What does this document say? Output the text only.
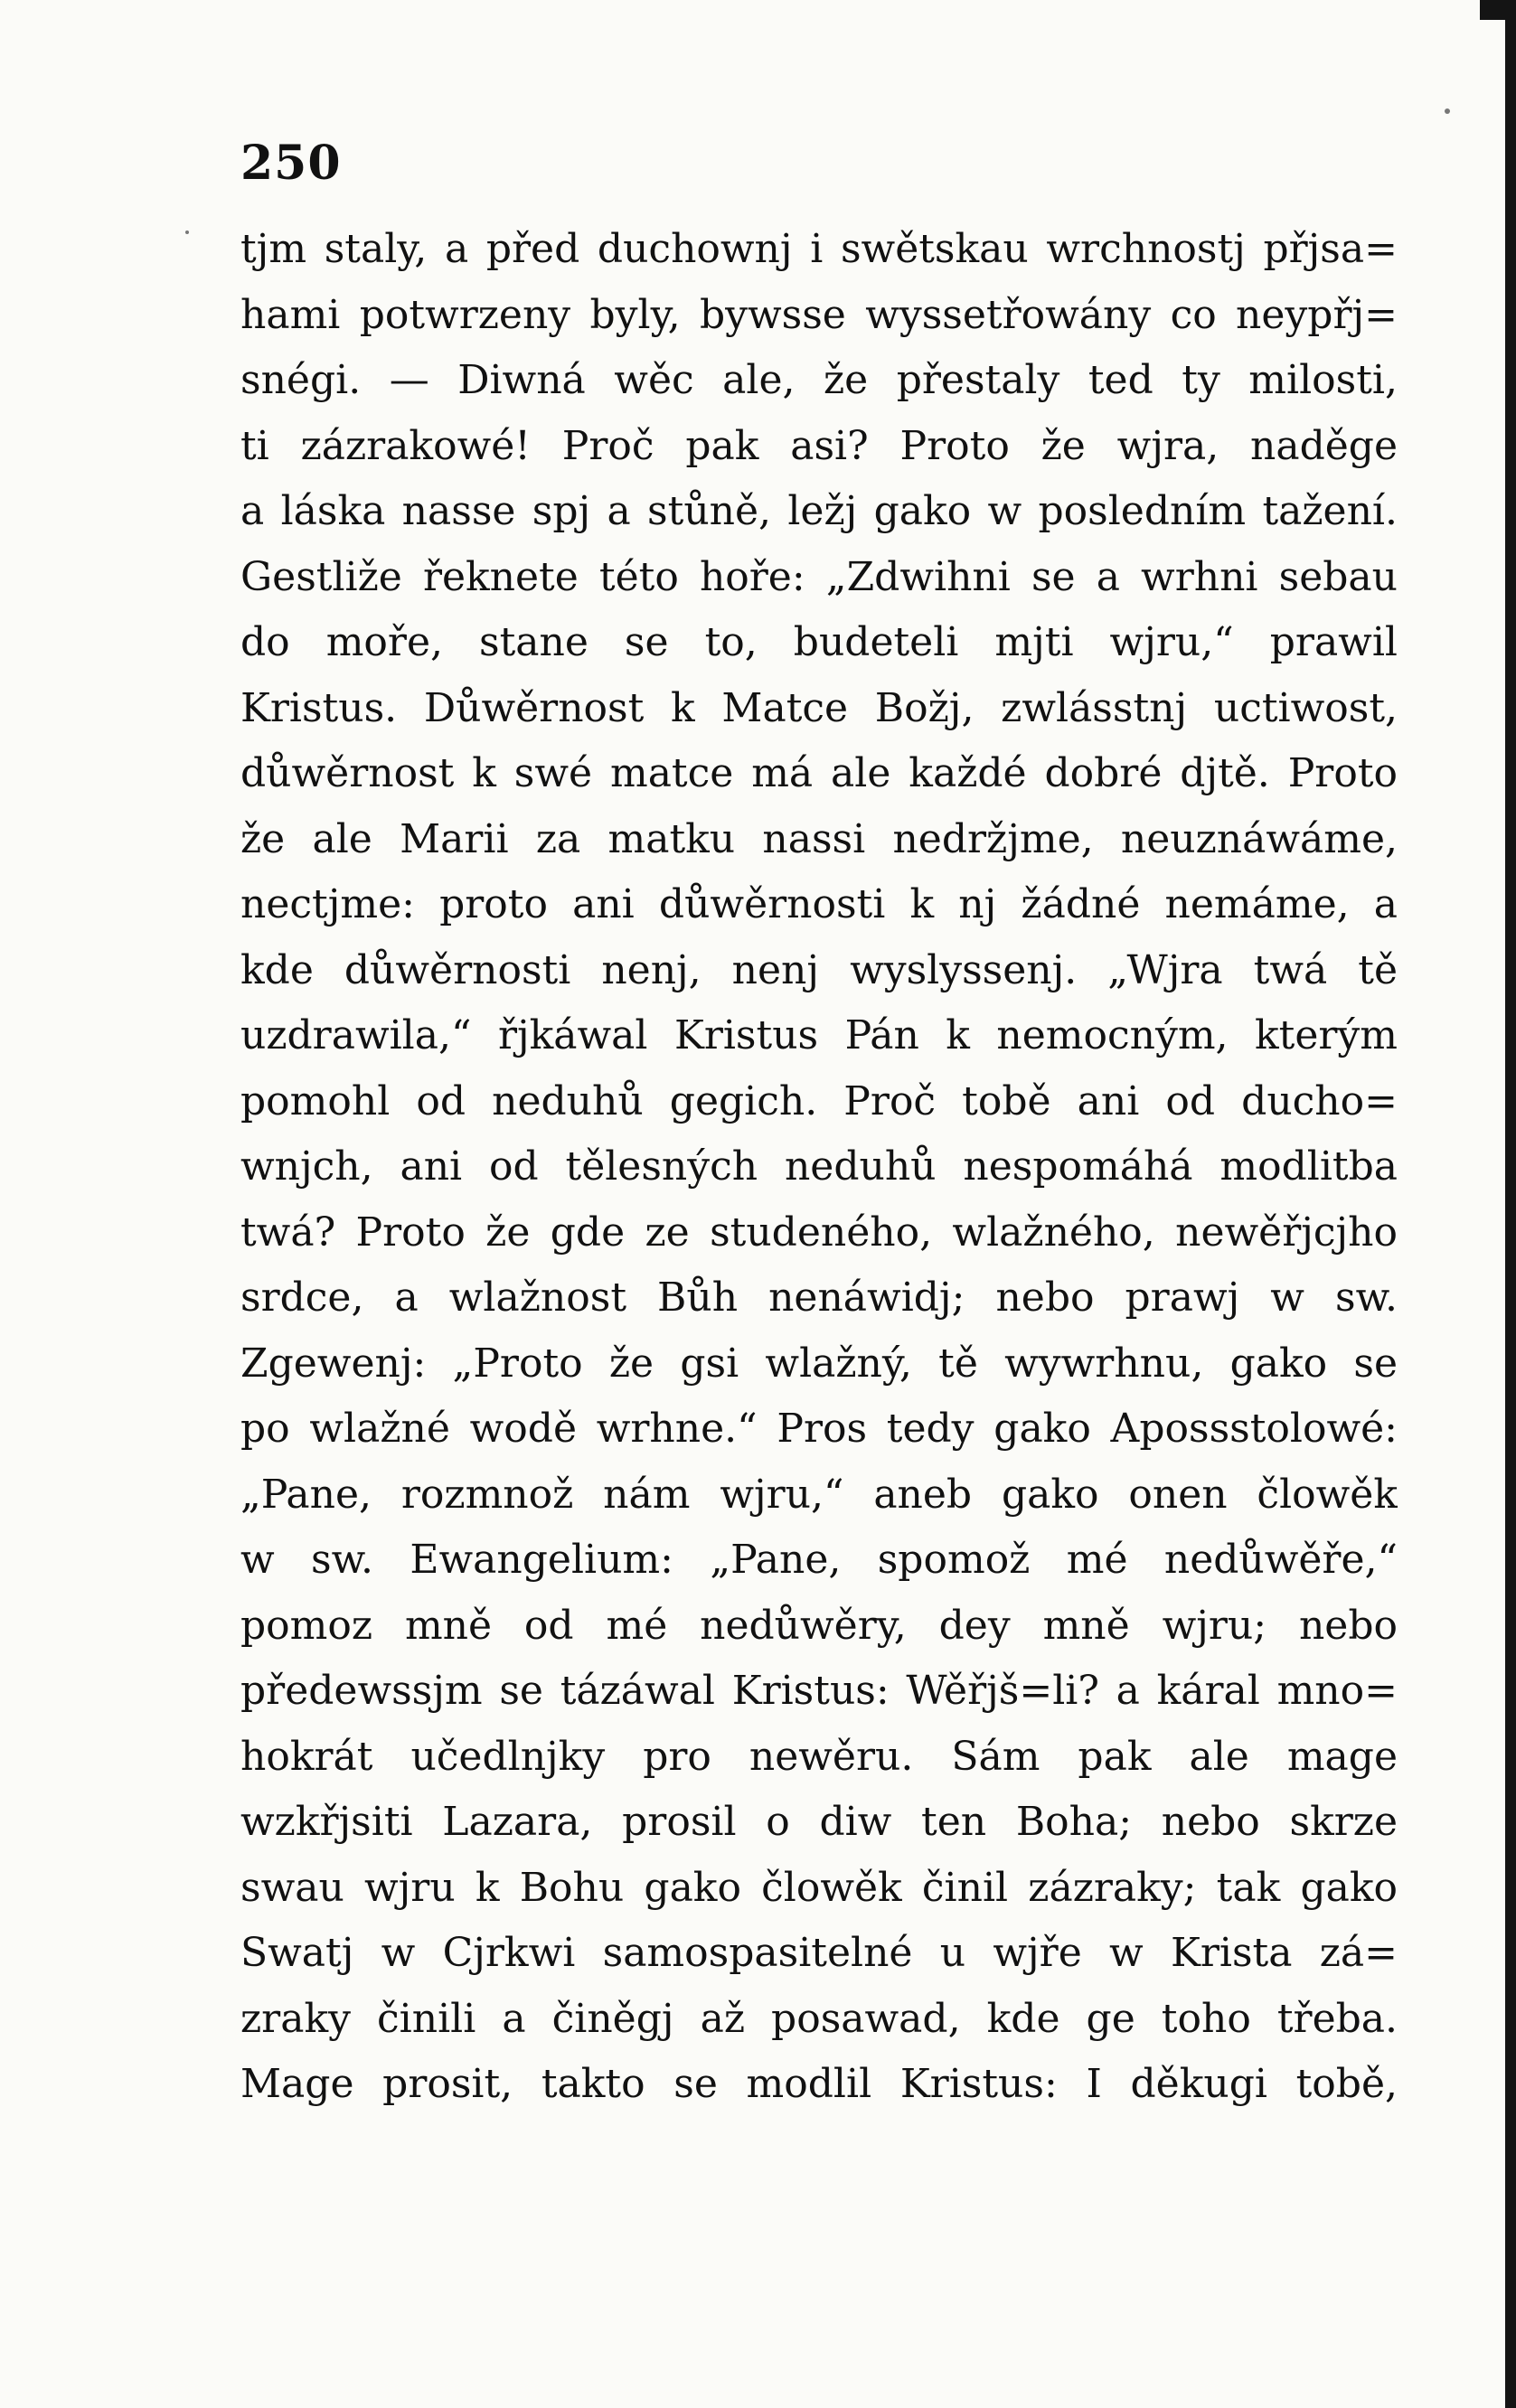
250
tjm staly, a před duchownj i swětskau wrchnostj přjsa=
hami potwrzeny byly, bywsse wyssetřowány co neypřj=
snégi. — Diwná wěc ale, že přestaly ted ty milosti,
ti zázrakowé! Proč pak asi? Proto že wjra, naděge
a láska nasse spj a stůně, ležj gako w posledním tažení.
Gestliže řeknete této hoře: „Zdwihni se a wrhni sebau
do moře, stane se to, budeteli mjti wjru,“ prawil
Kristus. Důwěrnost k Matce Božj, zwlásstnj uctiwost,
důwěrnost k swé matce má ale každé dobré djtě. Proto
že ale Marii za matku nassi nedržjme, neuznáwáme,
nectjme: proto ani důwěrnosti k nj žádné nemáme, a
kde důwěrnosti nenj, nenj wyslyssenj. „Wjra twá tě
uzdrawila,“ řjkáwal Kristus Pán k nemocným, kterým
pomohl od neduhů gegich. Proč tobě ani od ducho=
wnjch, ani od tělesných neduhů nespomáhá modlitba
twá? Proto že gde ze studeného, wlažného, newěřjcjho
srdce, a wlažnost Bůh nenáwidj; nebo prawj w sw.
Zgewenj: „Proto že gsi wlažný, tě wywrhnu, gako se
po wlažné wodě wrhne.“ Pros tedy gako Apossstolowé:
„Pane, rozmnož nám wjru,“ aneb gako onen člowěk
w sw. Ewangelium: „Pane, spomož mé nedůwěře,“
pomoz mně od mé nedůwěry, dey mně wjru; nebo
předewssjm se tázáwal Kristus: Wěřjš=li? a káral mno=
hokrát učedlnjky pro newěru. Sám pak ale mage
wzkřjsiti Lazara, prosil o diw ten Boha; nebo skrze
swau wjru k Bohu gako člowěk činil zázraky; tak gako
Swatj w Cjrkwi samospasitelné u wjře w Krista zá=
zraky činili a činěgj až posawad, kde ge toho třeba.
Mage prosit, takto se modlil Kristus: I děkugi tobě,
